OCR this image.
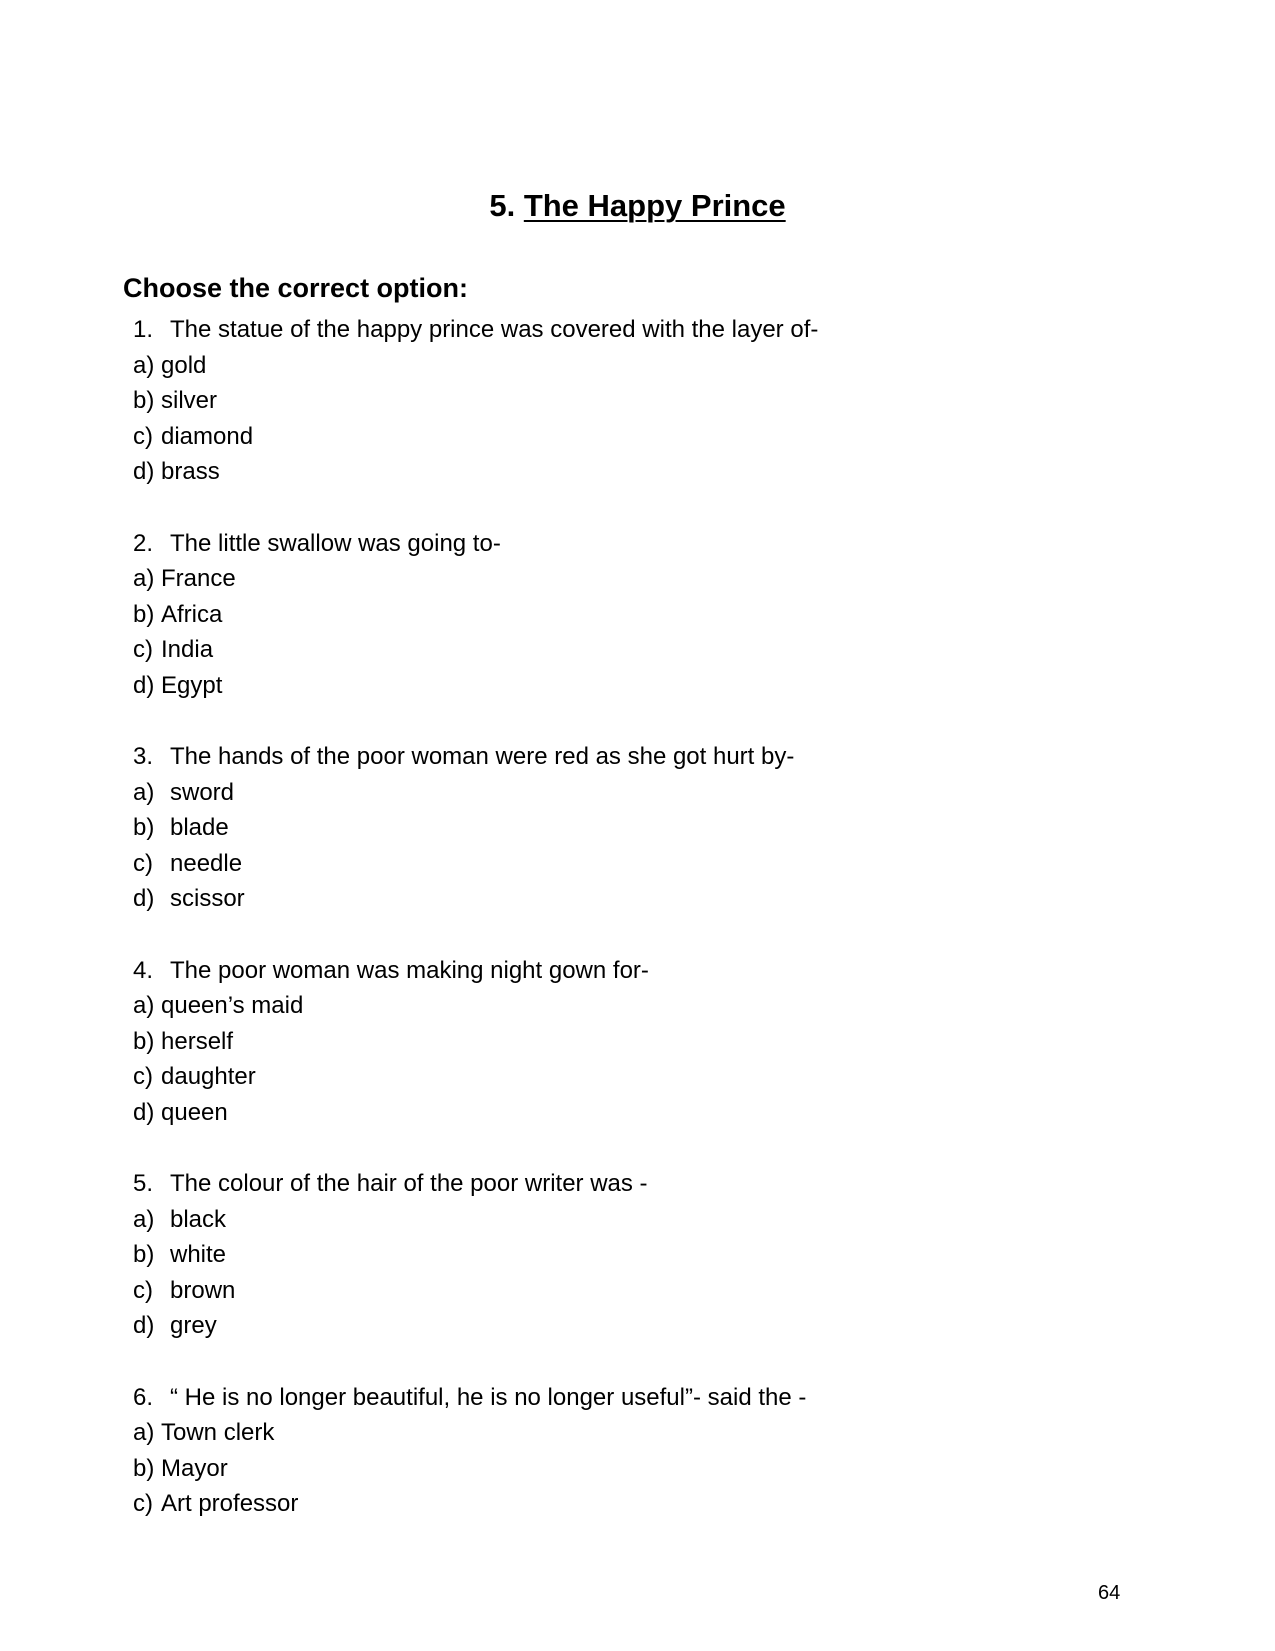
5. The Happy Prince
Choose the correct option:
1. The statue of the happy prince was covered with the layer of-
a) gold
b) silver
c) diamond
d) brass
2. The little swallow was going to-
a) France
b) Africa
c) India
d) Egypt
3. The hands of the poor woman were red as she got hurt by-
a) sword
b) blade
c) needle
d) scissor
4. The poor woman was making night gown for-
a) queen’s maid
b) herself
c) daughter
d) queen
5. The colour of the hair of the poor writer was -
a) black
b) white
c) brown
d) grey
6. “ He is no longer beautiful, he is no longer useful”- said the -
a) Town clerk
b) Mayor
c) Art professor
64
